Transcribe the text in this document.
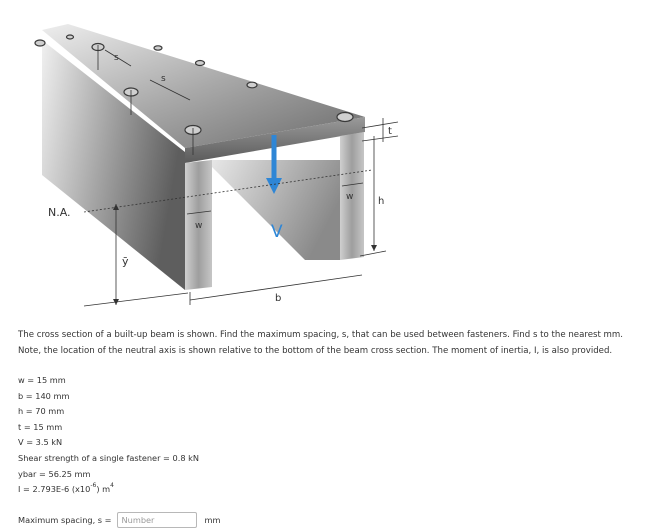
s
s
V
N.A.
ȳ
w
w
b
h
t
The cross section of a built-up beam is shown. Find the maximum spacing, s, that can be used between fasteners. Find s to the nearest mm. Note, the location of the neutral axis is shown relative to the bottom of the beam cross section. The moment of inertia, I, is also provided.
w = 15 mm
b = 140 mm
h = 70 mm
t = 15 mm
V = 3.5 kN
Shear strength of a single fastener = 0.8 kN
ybar = 56.25 mm
I = 2.793E-6 $(x10^{-6})$ $m^4$
Maximum spacing, s =
Number	mm
